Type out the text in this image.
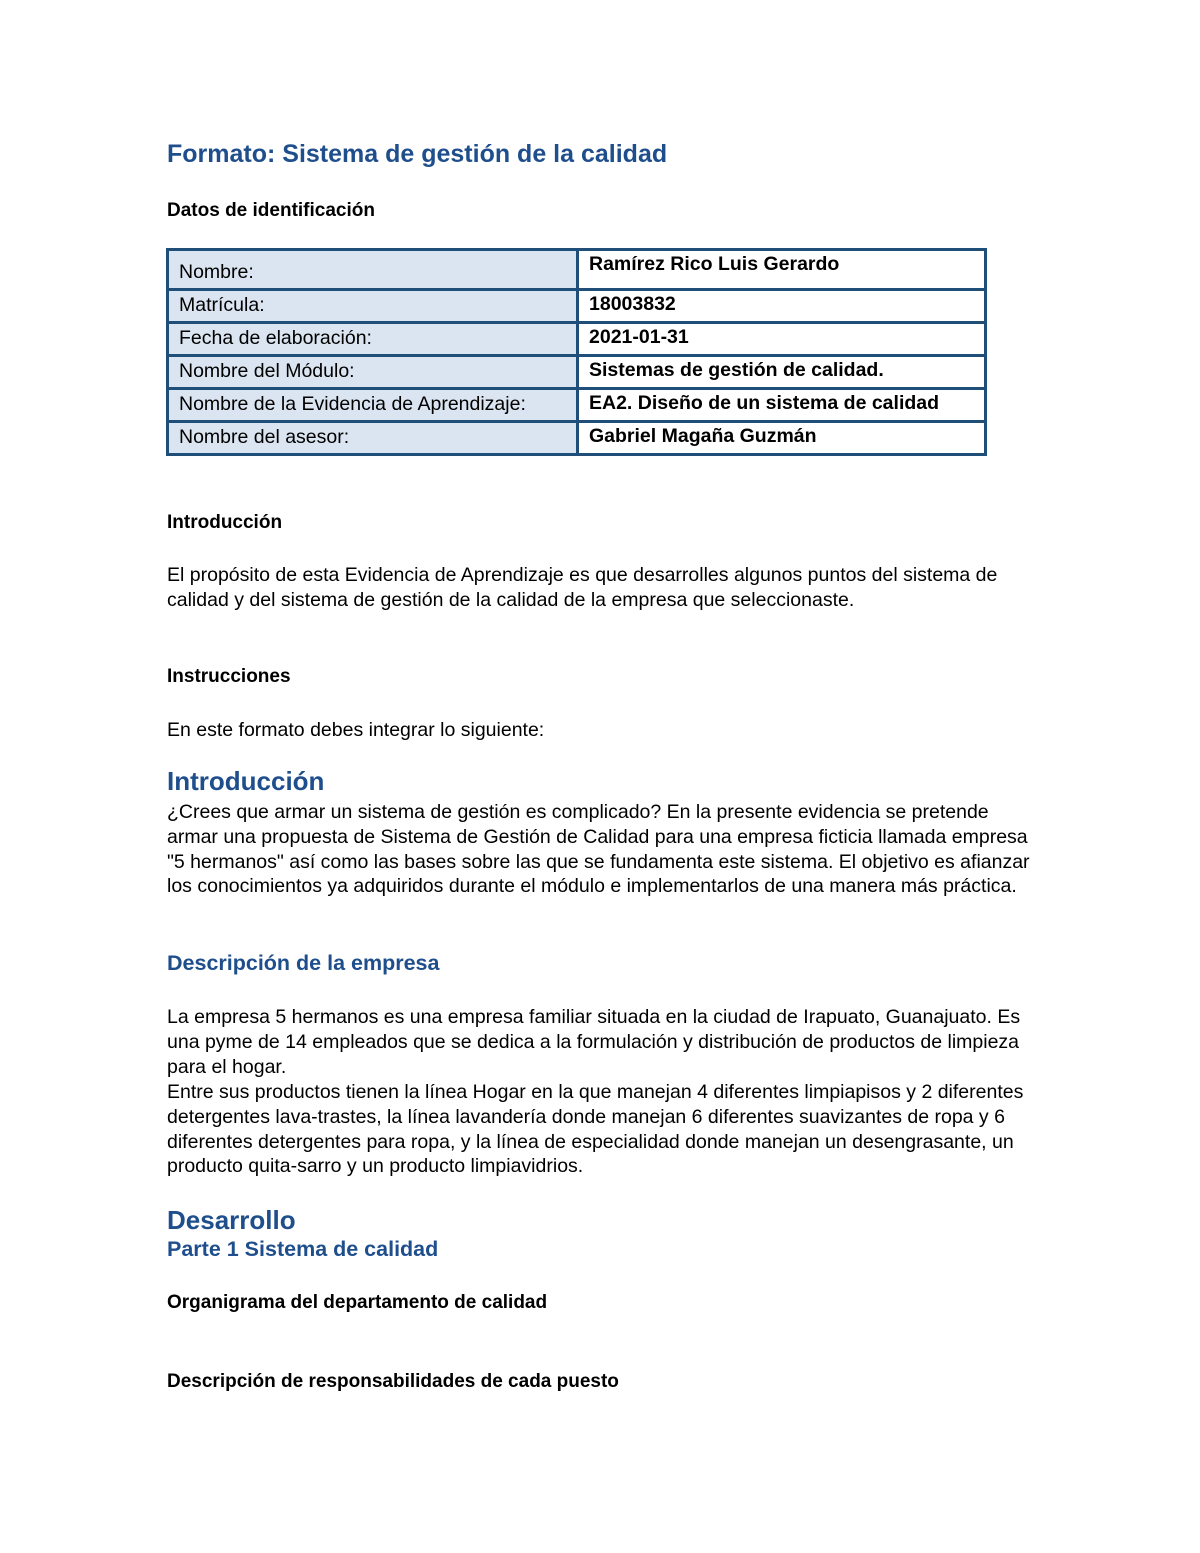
Formato: Sistema de gestión de la calidad
Datos de identificación
Nombre:	Ramírez Rico Luis Gerardo
Matrícula:	18003832
Fecha de elaboración:	2021-01-31
Nombre del Módulo:	Sistemas de gestión de calidad.
Nombre de la Evidencia de Aprendizaje:	EA2. Diseño de un sistema de calidad
Nombre del asesor:	Gabriel Magaña Guzmán
Introducción

El propósito de esta Evidencia de Aprendizaje es que desarrolles algunos puntos del sistema de calidad y del sistema de gestión de la calidad de la empresa que seleccionaste.

Instrucciones

En este formato debes integrar lo siguiente:

Introducción

¿Crees que armar un sistema de gestión es complicado? En la presente evidencia se pretende armar una propuesta de Sistema de Gestión de Calidad para una empresa ficticia llamada empresa "5 hermanos" así como las bases sobre las que se fundamenta este sistema. El objetivo es afianzar los conocimientos ya adquiridos durante el módulo e implementarlos de una manera más práctica.

Descripción de la empresa

La empresa 5 hermanos es una empresa familiar situada en la ciudad de Irapuato, Guanajuato. Es una pyme de 14 empleados que se dedica a la formulación y distribución de productos de limpieza para el hogar.

Entre sus productos tienen la línea Hogar en la que manejan 4 diferentes limpiapisos y 2 diferentes detergentes lava-trastes, la línea lavandería donde manejan 6 diferentes suavizantes de ropa y 6 diferentes detergentes para ropa, y la línea de especialidad donde manejan un desengrasante, un producto quita-sarro y un producto limpiavidrios.

Desarrollo
Parte 1 Sistema de calidad
Organigrama del departamento de calidad
Descripción de responsabilidades de cada puesto
